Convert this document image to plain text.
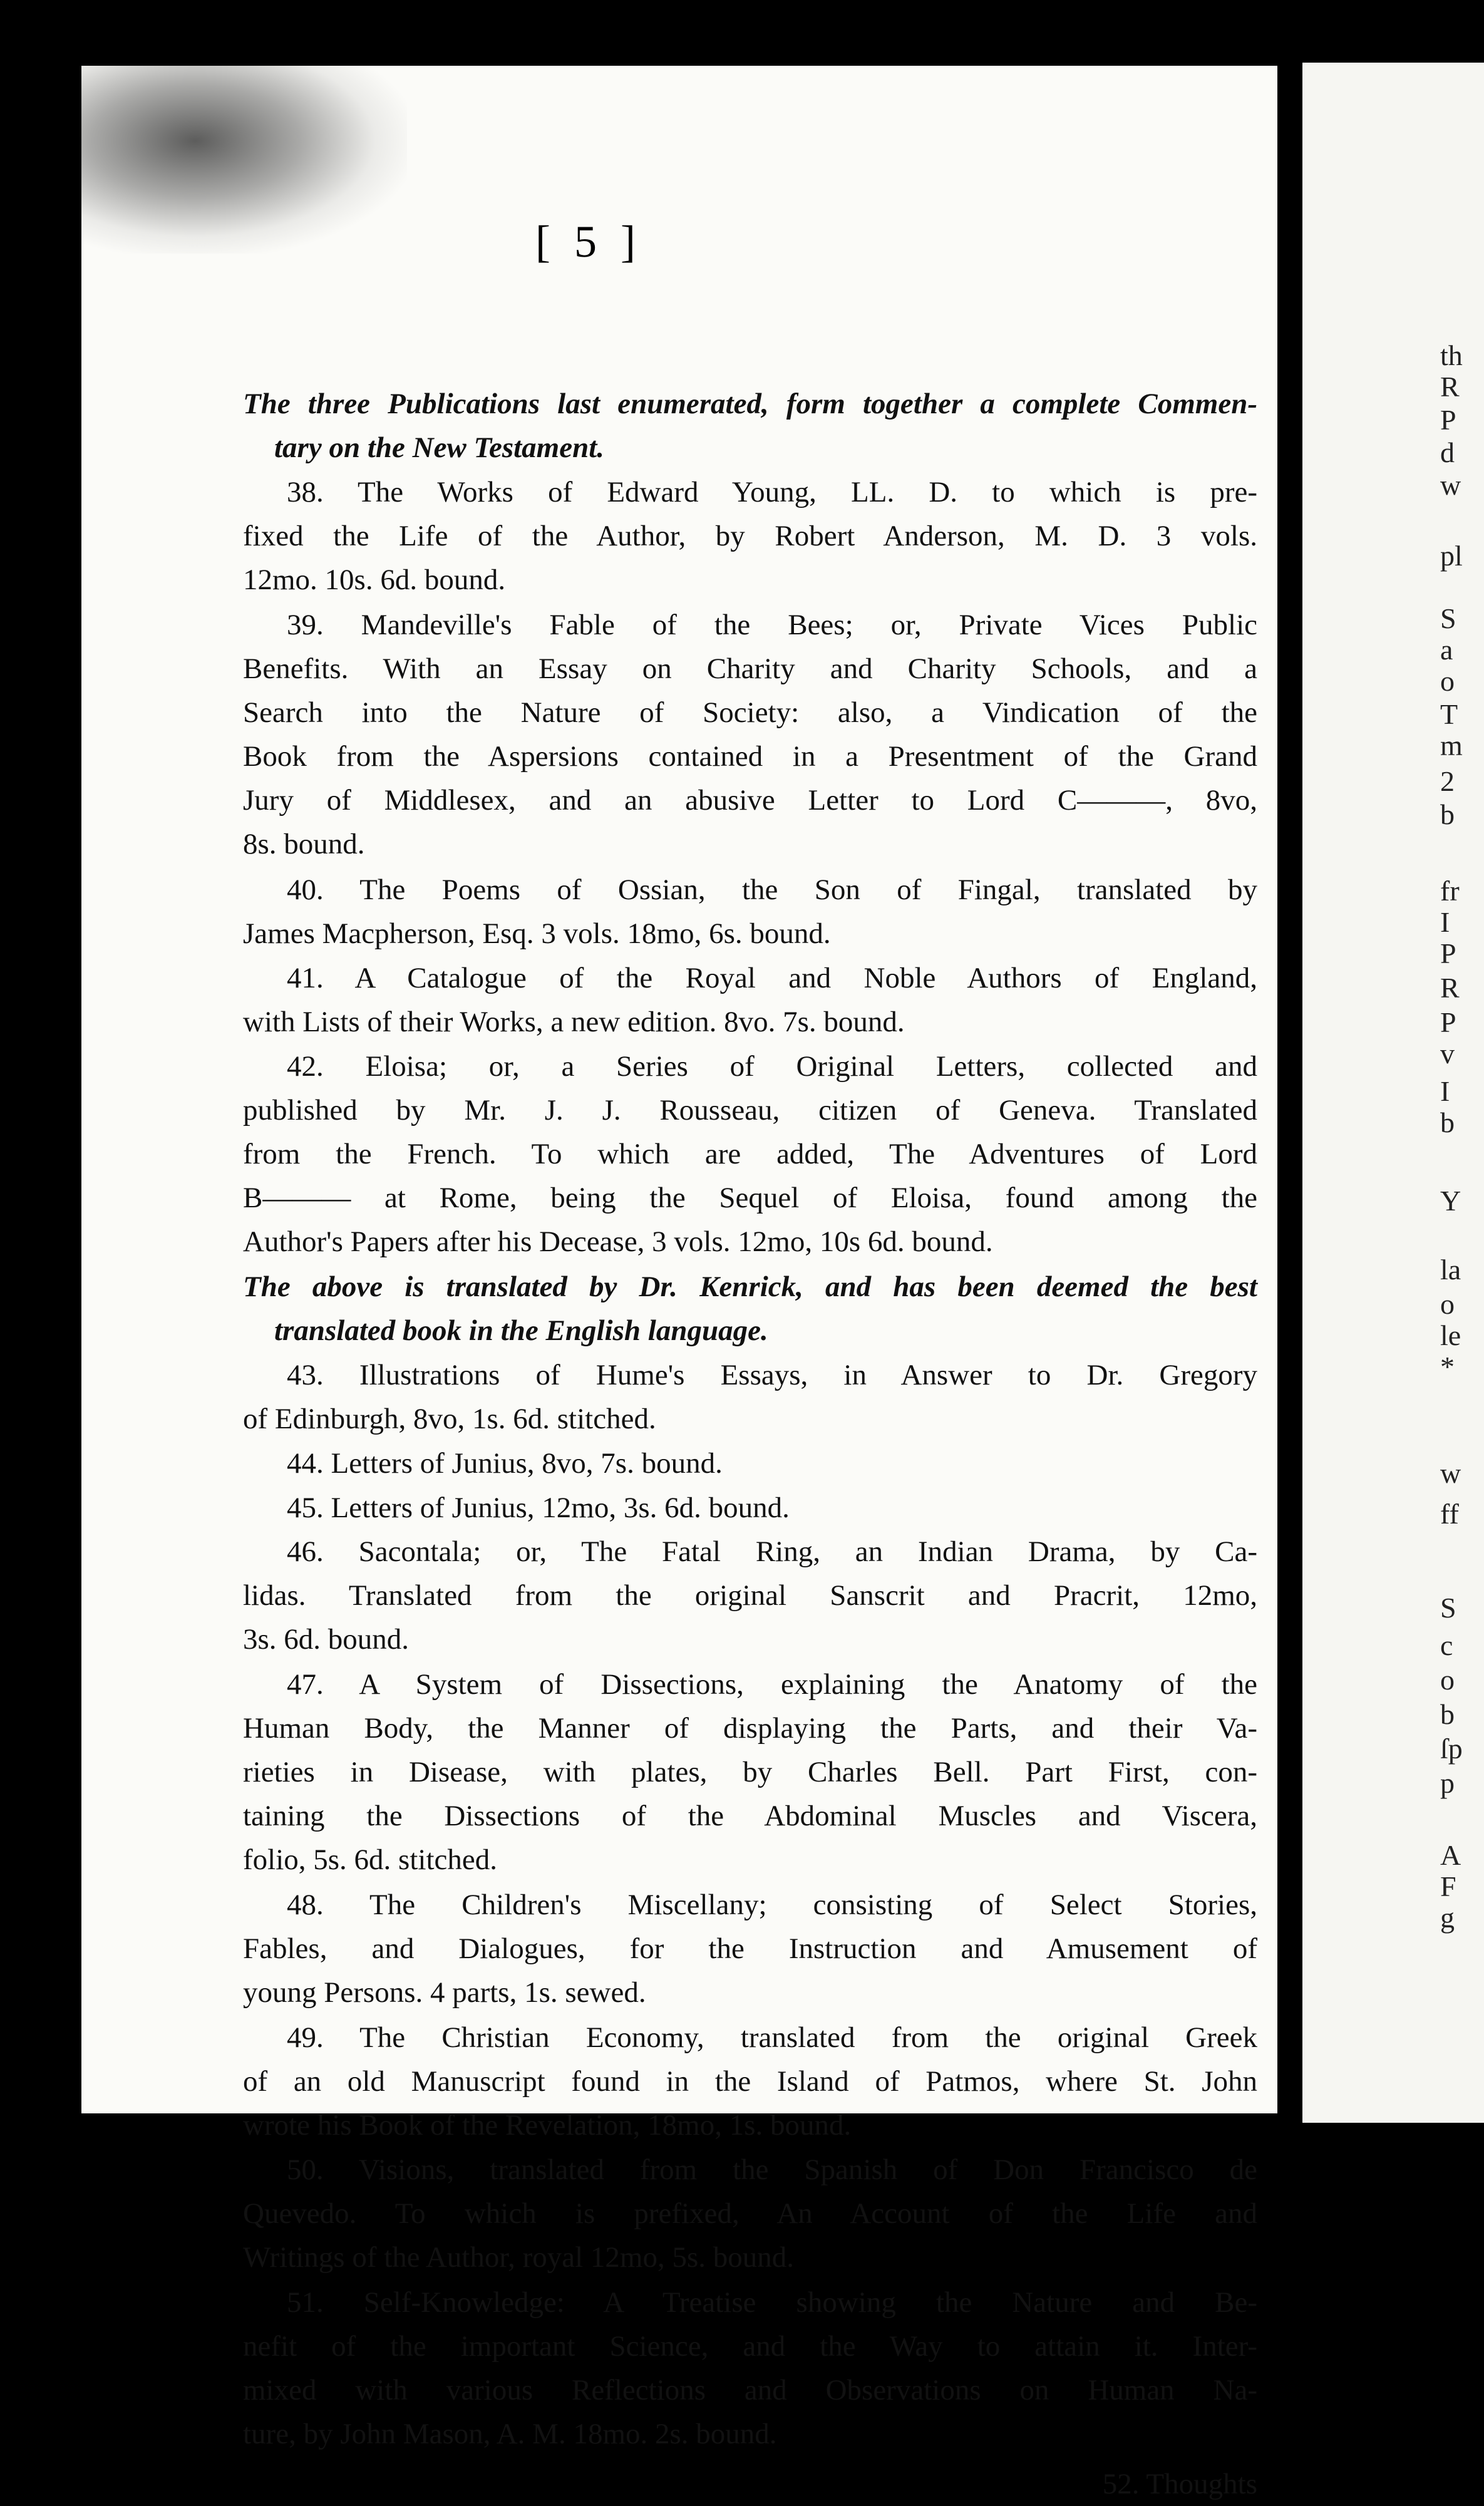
[ 5 ]
The three Publications last enumerated, form together a complete Commen-
tary on the New Testament.
38. The Works of Edward Young, LL. D. to which is pre-
fixed the Life of the Author, by Robert Anderson, M. D. 3 vols.
12mo. 10s. 6d. bound.
39. Mandeville's Fable of the Bees; or, Private Vices Public
Benefits. With an Essay on Charity and Charity Schools, and a
Search into the Nature of Society: also, a Vindication of the
Book from the Aspersions contained in a Presentment of the Grand
Jury of Middlesex, and an abusive Letter to Lord C———, 8vo,
8s. bound.
40. The Poems of Ossian, the Son of Fingal, translated by
James Macpherson, Esq. 3 vols. 18mo, 6s. bound.
41. A Catalogue of the Royal and Noble Authors of England,
with Lists of their Works, a new edition. 8vo. 7s. bound.
42. Eloisa; or, a Series of Original Letters, collected and
published by Mr. J. J. Rousseau, citizen of Geneva. Translated
from the French. To which are added, The Adventures of Lord
B——— at Rome, being the Sequel of Eloisa, found among the
Author's Papers after his Decease, 3 vols. 12mo, 10s 6d. bound.
The above is translated by Dr. Kenrick, and has been deemed the best
translated book in the English language.
43. Illustrations of Hume's Essays, in Answer to Dr. Gregory
of Edinburgh, 8vo, 1s. 6d. stitched.
44. Letters of Junius, 8vo, 7s. bound.
45. Letters of Junius, 12mo, 3s. 6d. bound.
46. Sacontala; or, The Fatal Ring, an Indian Drama, by Ca-
lidas. Translated from the original Sanscrit and Pracrit, 12mo,
3s. 6d. bound.
47. A System of Dissections, explaining the Anatomy of the
Human Body, the Manner of displaying the Parts, and their Va-
rieties in Disease, with plates, by Charles Bell. Part First, con-
taining the Dissections of the Abdominal Muscles and Viscera,
folio, 5s. 6d. stitched.
48. The Children's Miscellany; consisting of Select Stories,
Fables, and Dialogues, for the Instruction and Amusement of
young Persons. 4 parts, 1s. sewed.
49. The Christian Economy, translated from the original Greek
of an old Manuscript found in the Island of Patmos, where St. John
wrote his Book of the Revelation, 18mo, 1s. bound.
50. Visions, translated from the Spanish of Don Francisco de
Quevedo. To which is prefixed, An Account of the Life and
Writings of the Author, royal 12mo, 5s. bound.
51. Self-Knowledge: A Treatise showing the Nature and Be-
nefit of the important Science, and the Way to attain it. Inter-
mixed with various Reflections and Observations on Human Na-
ture, by John Mason, A. M. 18mo. 2s. bound.
52. Thoughts
th
R
P
d
w
pl
S
a
o
T
m
2
b
fr
I
P
R
P
v
I
b
Y
la
o
le
*
w
ff
S
c
o
b
ſp
p
A
F
g
